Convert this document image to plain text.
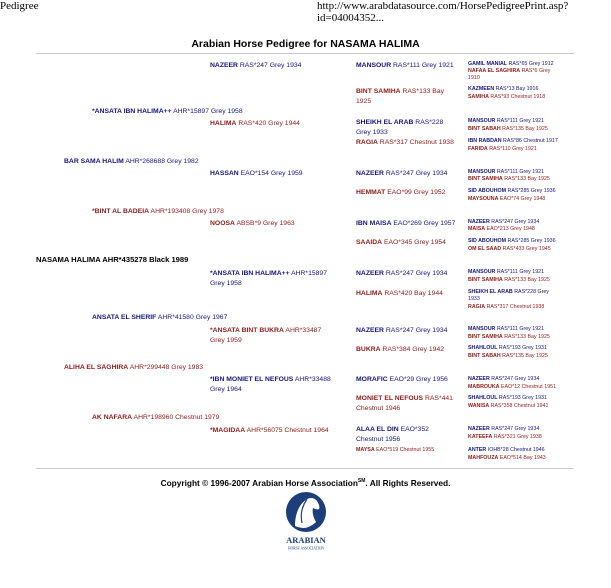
Pedigree	http://www.arabdatasource.com/HorsePedigreePrint.asp?id=04004352...
Arabian Horse Pedigree for NASAMA HALIMA
NASAMA HALIMA AHR*435278 Black 1989
BAR SAMA HALIM AHR*268688 Grey 1982
ALIHA EL SAGHIRA AHR*299448 Grey 1983
*ANSATA IBN HALIMA++ AHR*15897 Grey 1958
*BINT AL BADEIA AHR*193408 Grey 1978
ANSATA EL SHERIF AHR*41580 Grey 1967
AK NAFARA AHR*198960 Chestnut 1979
NAZEER RAS*247 Grey 1934
HALIMA RAS*420 Grey 1944
HASSAN EAO*154 Grey 1959
NOOSA ABSB*9 Grey 1963
*ANSATA IBN HALIMA++ AHR*15897
Grey 1958
*ANSATA BINT BUKRA AHR*33487
Grey 1959
*IBN MONIET EL NEFOUS AHR*33488
Grey 1964
*MAGIDAA AHR*56075 Chestnut 1964
MANSOUR RAS*111 Grey 1921
BINT SAMIHA RAS*133 Bay
1925
SHEIKH EL ARAB RAS*228
Grey 1933
RAGIA RAS*317 Chestnut 1938
NAZEER RAS*247 Grey 1934
HEMMAT EAO*99 Grey 1952
IBN MAISA EAO*269 Grey 1957
SAAIDA EAO*345 Grey 1954
NAZEER RAS*247 Grey 1934
HALIMA RAS*420 Bay 1944
NAZEER RAS*247 Grey 1934
BUKRA RAS*384 Grey 1942
MORAFIC EAO*29 Grey 1956
MONIET EL NEFOUS RAS*441
Chestnut 1946
ALAA EL DIN EAO*352
Chestnut 1956
MAYSA EAO*519 Chestnut 1955
GAMIL MANIAL RAS*65 Grey 1912
NAFAA EL SAGHIRA RAS*6 Grey
1910
KAZMEEN RAS*13 Bay 1916
SAMIHA RAS*93 Chestnut 1918
MANSOUR RAS*111 Grey 1921
BINT SABAH RAS*135 Bay 1925
IBN RABDAN RAS*86 Chestnut 1917
FARIDA RAS*110 Grey 1921
MANSOUR RAS*111 Grey 1921
BINT SAMIHA RAS*133 Bay 1925
SID ABOUHOM RAS*285 Grey 1936
MAYSOUNA EAO*74 Grey 1948
NAZEER RAS*247 Grey 1934
MAISA EAO*213 Grey 1948
SID ABOUHOM RAS*285 Grey 1936
OM EL SAAD RAS*433 Grey 1945
MANSOUR RAS*111 Grey 1921
BINT SAMIHA RAS*133 Bay 1925
SHEIKH EL ARAB RAS*228 Grey
1933
RAGIA RAS*317 Chestnut 1938
MANSOUR RAS*111 Grey 1921
BINT SAMIHA RAS*133 Bay 1925
SHAHLOUL RAS*193 Grey 1931
BINT SABAH RAS*135 Bay 1925
NAZEER RAS*247 Grey 1934
MABROUKA EAO*12 Chestnut 1951
SHAHLOUL RAS*193 Grey 1931
WANISA RAS*358 Chestnut 1941
NAZEER RAS*247 Grey 1934
KATEEFA RAS*321 Grey 1938
ANTER IOHB*28 Chestnut 1946
MAHFOUZA EAO*514 Bay 1943
Copyright © 1996-2007 Arabian Horse Association℠. All Rights Reserved.
ARABIAN
HORSE ASSOCIATION
